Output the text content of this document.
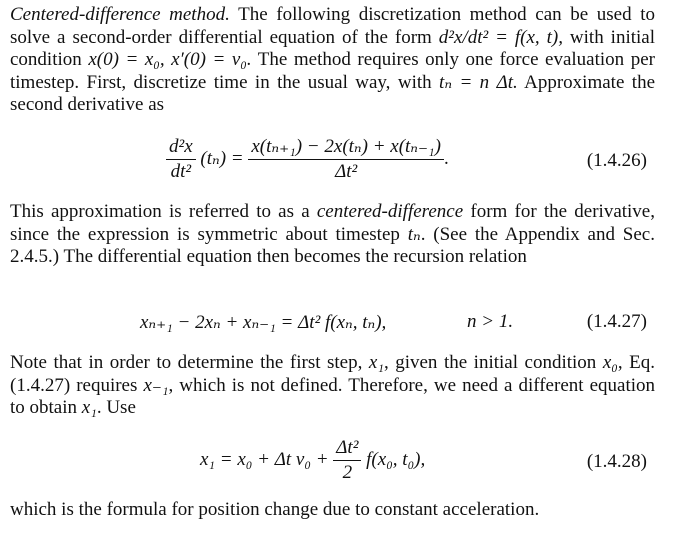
Centered-difference method. The following discretization method can be used to solve a second-order differential equation of the form d²x/dt² = f(x, t), with initial condition x(0) = x₀, x′(0) = v₀. The method requires only one force evaluation per timestep. First, discretize time in the usual way, with tₙ = n Δt. Approximate the second derivative as

$\frac{\text{d²x}}{\text{dt²}} (t_n) = \frac{\text{x(tₙ₊₁) − 2x(tₙ) + x(tₙ₋₁)}}{\text{Δt²}}$ .	(1.4.26)

This approximation is referred to as a centered-difference form for the derivative, since the expression is symmetric about timestep tₙ. (See the Appendix and Sec. 2.4.5.) The differential equation then becomes the recursion relation

xₙ₊₁ − 2xₙ + xₙ₋₁ = Δt² f(xₙ, tₙ),	n > 1.	(1.4.27)

Note that in order to determine the first step, x₁, given the initial condition x₀, Eq. (1.4.27) requires x₋₁, which is not defined. Therefore, we need a different equation to obtain x₁. Use

x₁ = x₀ + Δt $v_0 + \frac{\text{Δt²}}{2} f(x_0$, t₀),	(1.4.28)

which is the formula for position change due to constant acceleration.
